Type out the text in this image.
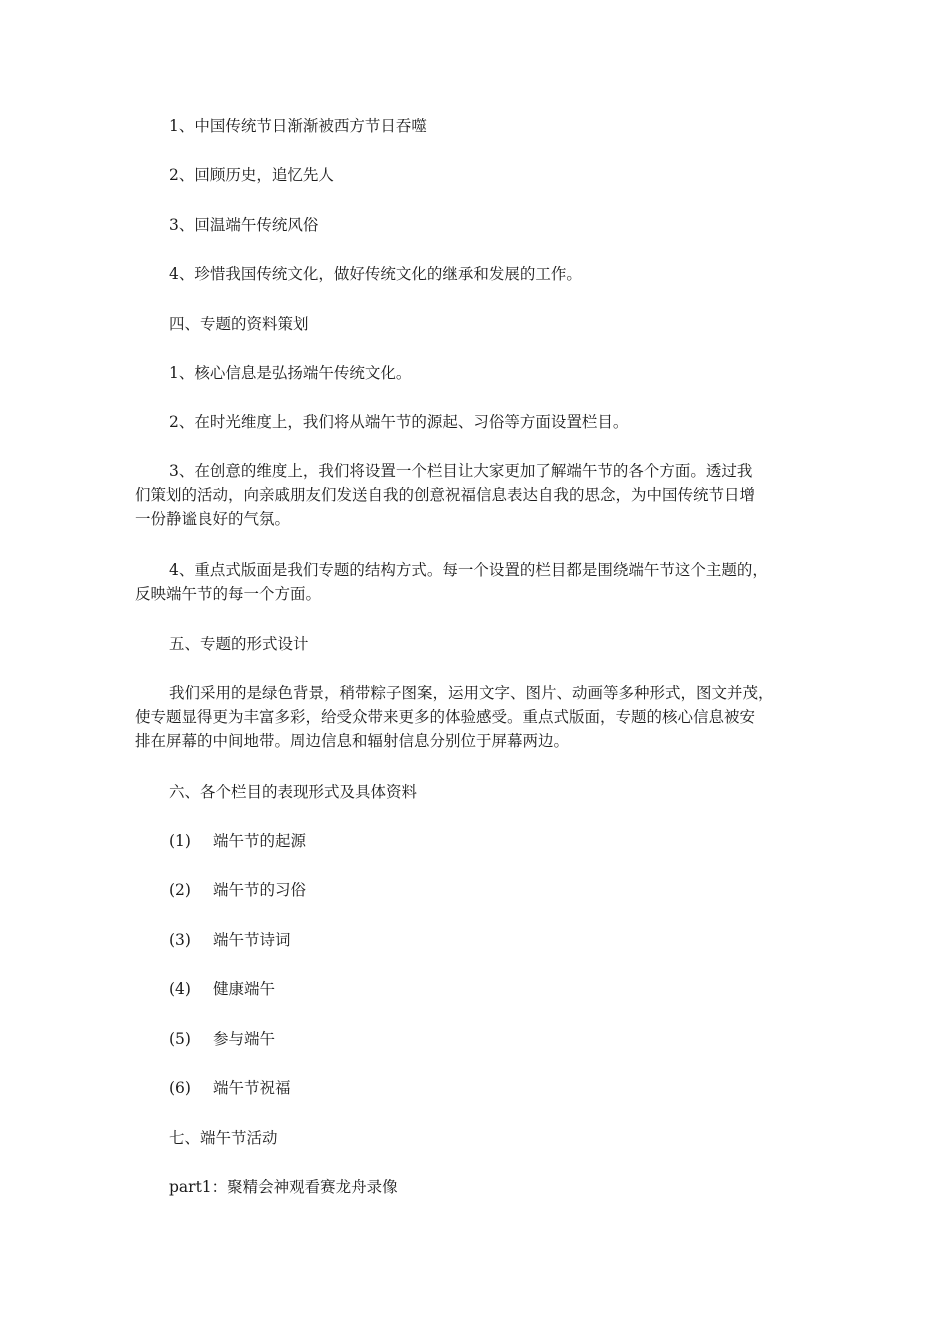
1、中国传统节日渐渐被西方节日吞噬

2、回顾历史，追忆先人

3、回温端午传统风俗

4、珍惜我国传统文化，做好传统文化的继承和发展的工作。

四、专题的资料策划

1、核心信息是弘扬端午传统文化。

2、在时光维度上，我们将从端午节的源起、习俗等方面设置栏目。

3、在创意的维度上，我们将设置一个栏目让大家更加了解端午节的各个方面。透过我
们策划的活动，向亲戚朋友们发送自我的创意祝福信息表达自我的思念，为中国传统节日增
一份静谧良好的气氛。
4、重点式版面是我们专题的结构方式。每一个设置的栏目都是围绕端午节这个主题的，
反映端午节的每一个方面。

五、专题的形式设计

我们采用的是绿色背景，稍带粽子图案，运用文字、图片、动画等多种形式，图文并茂，
使专题显得更为丰富多彩，给受众带来更多的体验感受。重点式版面，专题的核心信息被安
排在屏幕的中间地带。周边信息和辐射信息分别位于屏幕两边。

六、各个栏目的表现形式及具体资料

(1) 端午节的起源

(2) 端午节的习俗

(3) 端午节诗词

(4) 健康端午

(5) 参与端午

(6) 端午节祝福

七、端午节活动

part1：聚精会神观看赛龙舟录像
